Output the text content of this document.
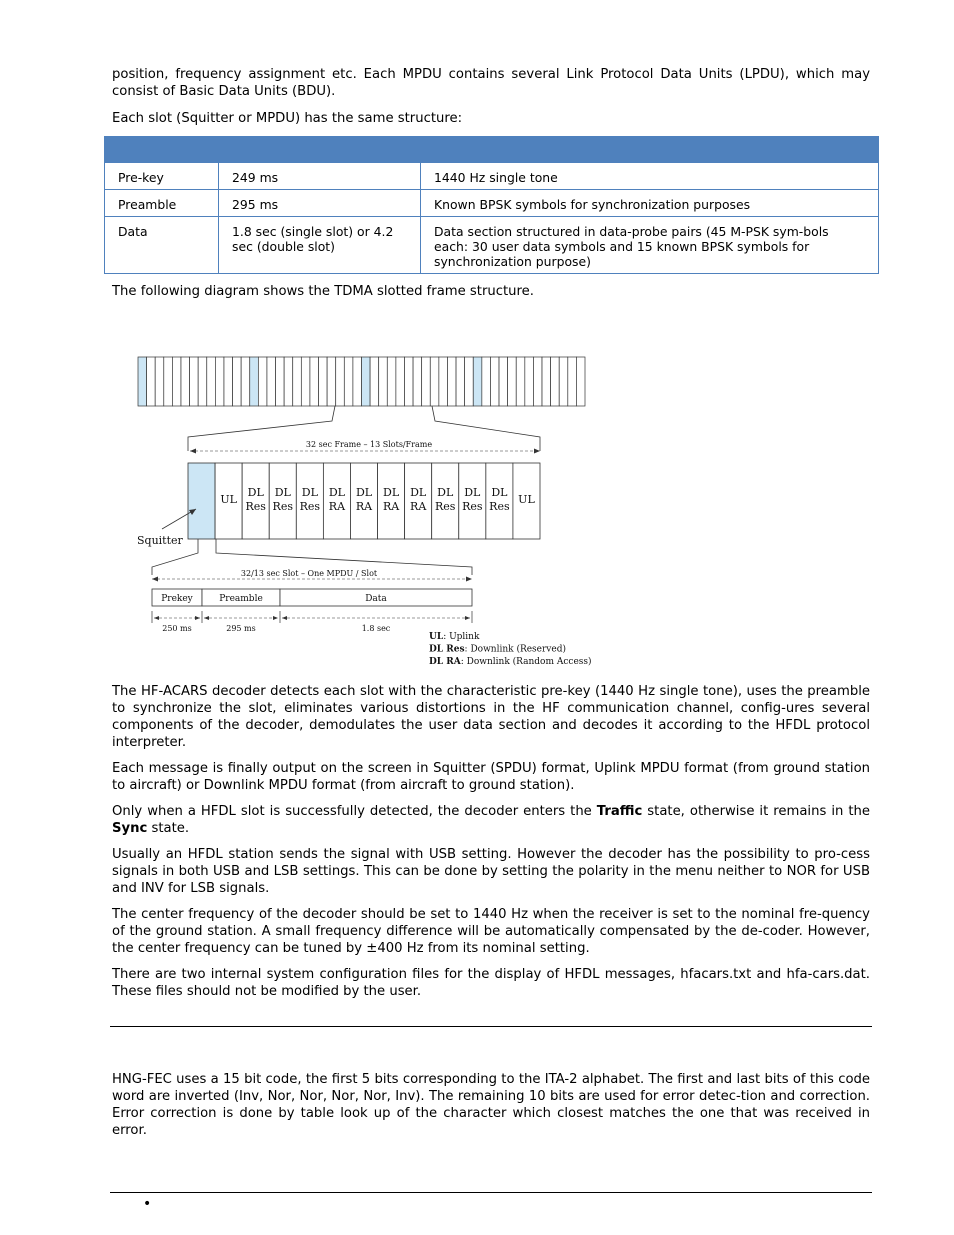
position, frequency assignment etc. Each MPDU contains several Link Protocol Data Units (LPDU), which may consist of Basic Data Units (BDU).

Each slot (Squitter or MPDU) has the same structure:

Pre-key	249 ms	1440 Hz single tone
Preamble	295 ms	Known BPSK symbols for synchronization purposes
Data	1.8 sec (single slot) or 4.2 sec (double slot)	Data section structured in data-probe pairs (45 M-PSK sym-bols each: 30 user data symbols and 15 known BPSK symbols for synchronization purpose)

The following diagram shows the TDMA slotted frame structure.

32 sec Frame – 13 Slots/Frame
UL
DL
Res
DL
Res
DL
Res
DL
RA
DL
RA
DL
RA
DL
RA
DL
Res
DL
Res
DL
Res
UL
Squitter
32/13 sec Slot – One MPDU / Slot
Prekey	Preamble	Data
250 ms	295 ms	1.8 sec
UL: Uplink
DL Res: Downlink (Reserved)
DL RA: Downlink (Random Access)

The HF-ACARS decoder detects each slot with the characteristic pre-key (1440 Hz single tone), uses the preamble to synchronize the slot, eliminates various distortions in the HF communication channel, config-ures several components of the decoder, demodulates the user data section and decodes it according to the HFDL protocol interpreter.

Each message is finally output on the screen in Squitter (SPDU) format, Uplink MPDU format (from ground station to aircraft) or Downlink MPDU format (from aircraft to ground station).

Only when a HFDL slot is successfully detected, the decoder enters the Traffic state, otherwise it remains in the Sync state.

Usually an HFDL station sends the signal with USB setting. However the decoder has the possibility to pro-cess signals in both USB and LSB settings. This can be done by setting the polarity in the menu neither to NOR for USB and INV for LSB signals.

The center frequency of the decoder should be set to 1440 Hz when the receiver is set to the nominal fre-quency of the ground station. A small frequency difference will be automatically compensated by the de-coder. However, the center frequency can be tuned by ±400 Hz from its nominal setting.

There are two internal system configuration files for the display of HFDL messages, hfacars.txt and hfa-cars.dat. These files should not be modified by the user.

HNG-FEC uses a 15 bit code, the first 5 bits corresponding to the ITA-2 alphabet. The first and last bits of this code word are inverted (Inv, Nor, Nor, Nor, Nor, Inv). The remaining 10 bits are used for error detec-tion and correction. Error correction is done by table look up of the character which closest matches the one that was received in error.

•
